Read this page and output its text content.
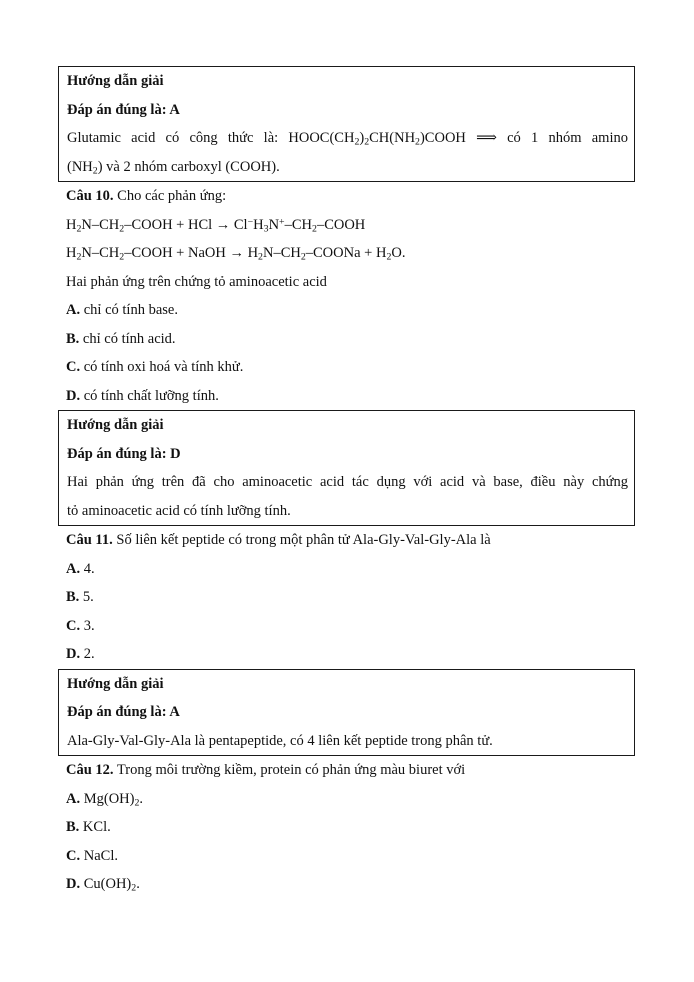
Hướng dẫn giải
Đáp án đúng là: A
Glutamic acid có công thức là: $HOOC(CH_2)_2CH(NH_2)COOH$ ⟹ có 1 nhóm amino
$(NH_2)$ và 2 nhóm carboxyl (COOH).
Câu 10. Cho các phản ứng:
$H_2N-CH_2$–COOH + HCl → $Cl^-H_3N^+-CH_2$–COOH
$H_2N-CH_2$–COOH + NaOH → $H_2N-CH_2$–COONa + $H_2O$.
Hai phản ứng trên chứng tỏ aminoacetic acid
A. chỉ có tính base.
B. chỉ có tính acid.
C. có tính oxi hoá và tính khử.
D. có tính chất lưỡng tính.
Hướng dẫn giải
Đáp án đúng là: D
Hai phản ứng trên đã cho aminoacetic acid tác dụng với acid và base, điều này chứng
tỏ aminoacetic acid có tính lưỡng tính.
Câu 11. Số liên kết peptide có trong một phân tử Ala-Gly-Val-Gly-Ala là
A. 4.
B. 5.
C. 3.
D. 2.
Hướng dẫn giải
Đáp án đúng là: A
Ala-Gly-Val-Gly-Ala là pentapeptide, có 4 liên kết peptide trong phân tử.
Câu 12. Trong môi trường kiềm, protein có phản ứng màu biuret với
A. $Mg(OH)_2$.
B. KCl.
C. NaCl.
D. $Cu(OH)_2$.
